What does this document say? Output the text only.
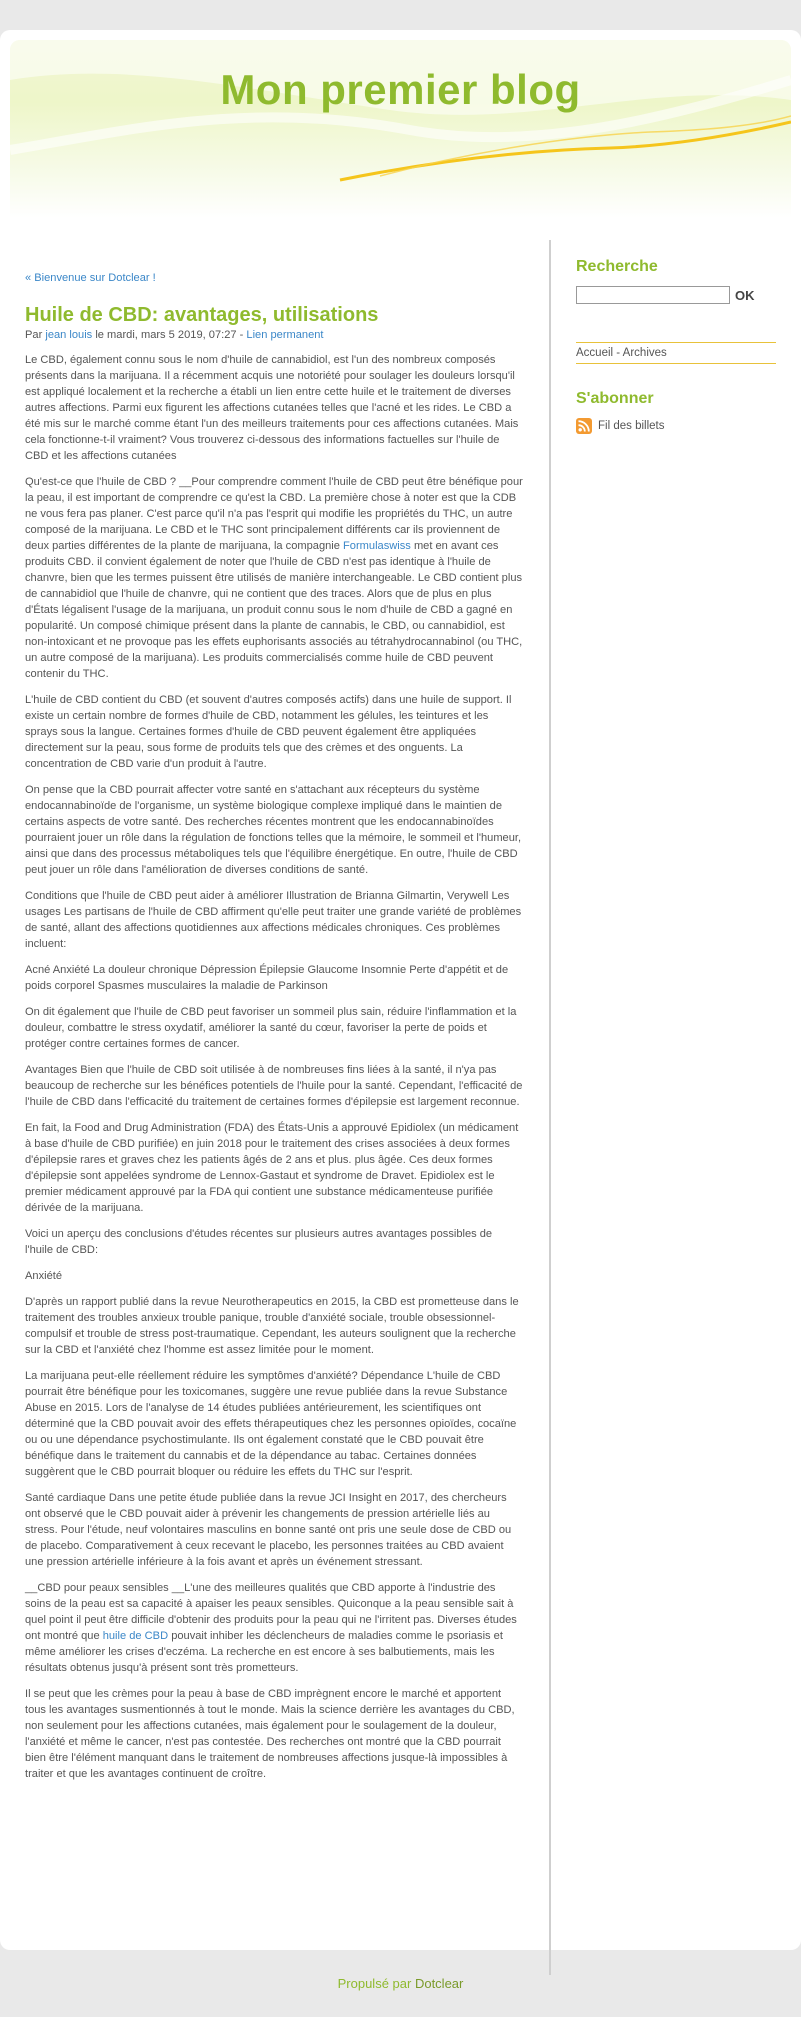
Mon premier blog
« Bienvenue sur Dotclear !
Huile de CBD: avantages, utilisations
Par jean louis le mardi, mars 5 2019, 07:27 - Lien permanent

Le CBD, également connu sous le nom d'huile de cannabidiol, est l'un des nombreux composés présents dans la marijuana. Il a récemment acquis une notoriété pour soulager les douleurs lorsqu'il est appliqué localement et la recherche a établi un lien entre cette huile et le traitement de diverses autres affections. Parmi eux figurent les affections cutanées telles que l'acné et les rides. Le CBD a été mis sur le marché comme étant l'un des meilleurs traitements pour ces affections cutanées. Mais cela fonctionne-t-il vraiment? Vous trouverez ci-dessous des informations factuelles sur l'huile de CBD et les affections cutanées

Qu'est-ce que l'huile de CBD ? __Pour comprendre comment l'huile de CBD peut être bénéfique pour la peau, il est important de comprendre ce qu'est la CBD. La première chose à noter est que la CDB ne vous fera pas planer. C'est parce qu'il n'a pas l'esprit qui modifie les propriétés du THC, un autre composé de la marijuana. Le CBD et le THC sont principalement différents car ils proviennent de deux parties différentes de la plante de marijuana, la compagnie Formulaswiss met en avant ces produits CBD. il convient également de noter que l'huile de CBD n'est pas identique à l'huile de chanvre, bien que les termes puissent être utilisés de manière interchangeable. Le CBD contient plus de cannabidiol que l'huile de chanvre, qui ne contient que des traces. Alors que de plus en plus d'États légalisent l'usage de la marijuana, un produit connu sous le nom d'huile de CBD a gagné en popularité. Un composé chimique présent dans la plante de cannabis, le CBD, ou cannabidiol, est non-intoxicant et ne provoque pas les effets euphorisants associés au tétrahydrocannabinol (ou THC, un autre composé de la marijuana). Les produits commercialisés comme huile de CBD peuvent contenir du THC.

L'huile de CBD contient du CBD (et souvent d'autres composés actifs) dans une huile de support. Il existe un certain nombre de formes d'huile de CBD, notamment les gélules, les teintures et les sprays sous la langue. Certaines formes d'huile de CBD peuvent également être appliquées directement sur la peau, sous forme de produits tels que des crèmes et des onguents. La concentration de CBD varie d'un produit à l'autre.

On pense que la CBD pourrait affecter votre santé en s'attachant aux récepteurs du système endocannabinoïde de l'organisme, un système biologique complexe impliqué dans le maintien de certains aspects de votre santé. Des recherches récentes montrent que les endocannabinoïdes pourraient jouer un rôle dans la régulation de fonctions telles que la mémoire, le sommeil et l'humeur, ainsi que dans des processus métaboliques tels que l'équilibre énergétique. En outre, l'huile de CBD peut jouer un rôle dans l'amélioration de diverses conditions de santé.

Conditions que l'huile de CBD peut aider à améliorer Illustration de Brianna Gilmartin, Verywell Les usages Les partisans de l'huile de CBD affirment qu'elle peut traiter une grande variété de problèmes de santé, allant des affections quotidiennes aux affections médicales chroniques. Ces problèmes incluent:

Acné Anxiété La douleur chronique Dépression Épilepsie Glaucome Insomnie Perte d'appétit et de poids corporel Spasmes musculaires la maladie de Parkinson

On dit également que l'huile de CBD peut favoriser un sommeil plus sain, réduire l'inflammation et la douleur, combattre le stress oxydatif, améliorer la santé du cœur, favoriser la perte de poids et protéger contre certaines formes de cancer.

Avantages Bien que l'huile de CBD soit utilisée à de nombreuses fins liées à la santé, il n'ya pas beaucoup de recherche sur les bénéfices potentiels de l'huile pour la santé. Cependant, l'efficacité de l'huile de CBD dans l'efficacité du traitement de certaines formes d'épilepsie est largement reconnue.

En fait, la Food and Drug Administration (FDA) des États-Unis a approuvé Epidiolex (un médicament à base d'huile de CBD purifiée) en juin 2018 pour le traitement des crises associées à deux formes d'épilepsie rares et graves chez les patients âgés de 2 ans et plus. plus âgée. Ces deux formes d'épilepsie sont appelées syndrome de Lennox-Gastaut et syndrome de Dravet. Epidiolex est le premier médicament approuvé par la FDA qui contient une substance médicamenteuse purifiée dérivée de la marijuana.

Voici un aperçu des conclusions d'études récentes sur plusieurs autres avantages possibles de l'huile de CBD:

Anxiété

D'après un rapport publié dans la revue Neurotherapeutics en 2015, la CBD est prometteuse dans le traitement des troubles anxieux trouble panique, trouble d'anxiété sociale, trouble obsessionnel-compulsif et trouble de stress post-traumatique. Cependant, les auteurs soulignent que la recherche sur la CBD et l'anxiété chez l'homme est assez limitée pour le moment.

La marijuana peut-elle réellement réduire les symptômes d'anxiété? Dépendance L'huile de CBD pourrait être bénéfique pour les toxicomanes, suggère une revue publiée dans la revue Substance Abuse en 2015. Lors de l'analyse de 14 études publiées antérieurement, les scientifiques ont déterminé que la CBD pouvait avoir des effets thérapeutiques chez les personnes opioïdes, cocaïne ou ou une dépendance psychostimulante. Ils ont également constaté que le CBD pouvait être bénéfique dans le traitement du cannabis et de la dépendance au tabac. Certaines données suggèrent que le CBD pourrait bloquer ou réduire les effets du THC sur l'esprit.

Santé cardiaque Dans une petite étude publiée dans la revue JCI Insight en 2017, des chercheurs ont observé que le CBD pouvait aider à prévenir les changements de pression artérielle liés au stress. Pour l'étude, neuf volontaires masculins en bonne santé ont pris une seule dose de CBD ou de placebo. Comparativement à ceux recevant le placebo, les personnes traitées au CBD avaient une pression artérielle inférieure à la fois avant et après un événement stressant.

__CBD pour peaux sensibles __L'une des meilleures qualités que CBD apporte à l'industrie des soins de la peau est sa capacité à apaiser les peaux sensibles. Quiconque a la peau sensible sait à quel point il peut être difficile d'obtenir des produits pour la peau qui ne l'irritent pas. Diverses études ont montré que huile de CBD pouvait inhiber les déclencheurs de maladies comme le psoriasis et même améliorer les crises d'eczéma. La recherche en est encore à ses balbutiements, mais les résultats obtenus jusqu'à présent sont très prometteurs.

Il se peut que les crèmes pour la peau à base de CBD imprègnent encore le marché et apportent tous les avantages susmentionnés à tout le monde. Mais la science derrière les avantages du CBD, non seulement pour les affections cutanées, mais également pour le soulagement de la douleur, l'anxiété et même le cancer, n'est pas contestée. Des recherches ont montré que la CBD pourrait bien être l'élément manquant dans le traitement de nombreuses affections jusque-là impossibles à traiter et que les avantages continuent de croître.

Recherche
OK
Accueil - Archives
S'abonner
Fil des billets
Propulsé par Dotclear
